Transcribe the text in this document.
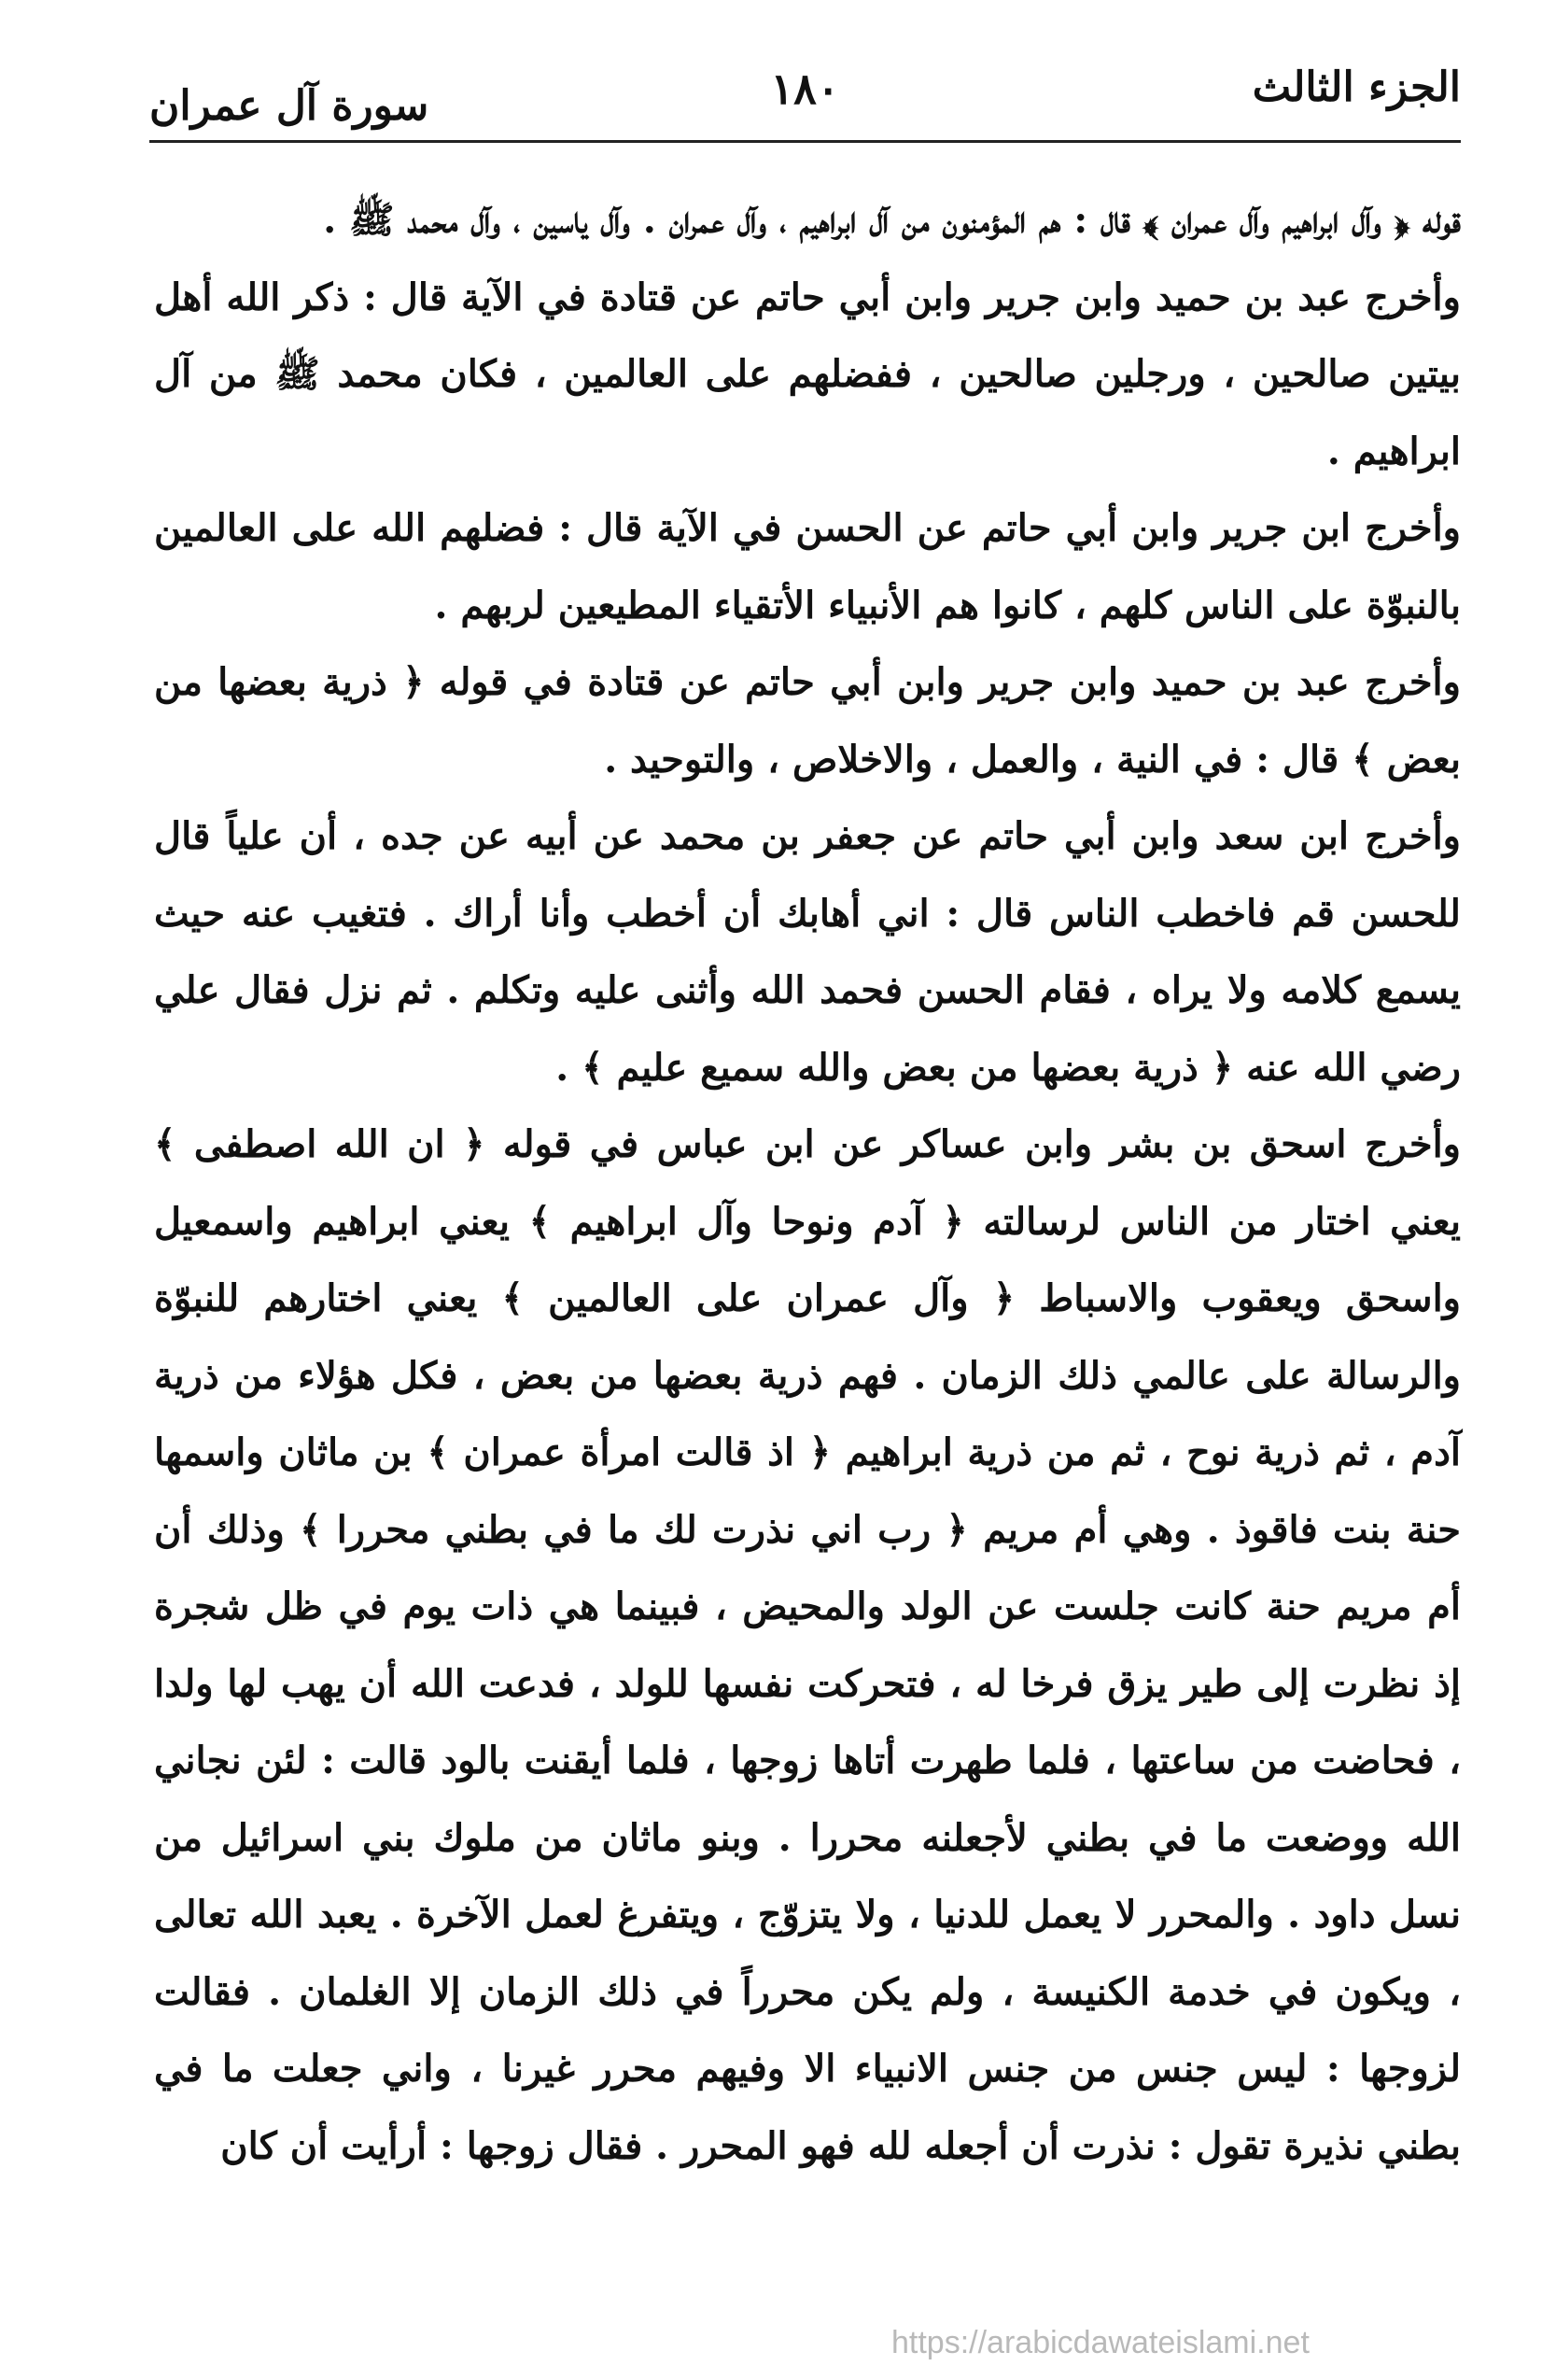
الجزء الثالث
١٨٠
سورة آل عمران

قوله ﴿ وآل ابراهيم وآل عمران ﴾ قال : هم المؤمنون من آل ابراهيم ، وآل عمران . وآل ياسين ، وآل محمد ﷺ .

وأخرج عبد بن حميد وابن جرير وابن أبي حاتم عن قتادة في الآية قال : ذكر الله أهل بيتين صالحين ، ورجلين صالحين ، ففضلهم على العالمين ، فكان محمد ﷺ من آل ابراهيم .

وأخرج ابن جرير وابن أبي حاتم عن الحسن في الآية قال : فضلهم الله على العالمين بالنبوّة على الناس كلهم ، كانوا هم الأنبياء الأتقياء المطيعين لربهم .

وأخرج عبد بن حميد وابن جرير وابن أبي حاتم عن قتادة في قوله ﴿ ذرية بعضها من بعض ﴾ قال : في النية ، والعمل ، والاخلاص ، والتوحيد .

وأخرج ابن سعد وابن أبي حاتم عن جعفر بن محمد عن أبيه عن جده ، أن علياً قال للحسن قم فاخطب الناس قال : اني أهابك أن أخطب وأنا أراك . فتغيب عنه حيث يسمع كلامه ولا يراه ، فقام الحسن فحمد الله وأثنى عليه وتكلم . ثم نزل فقال علي رضي الله عنه ﴿ ذرية بعضها من بعض والله سميع عليم ﴾ .

وأخرج اسحق بن بشر وابن عساكر عن ابن عباس في قوله ﴿ ان الله اصطفى ﴾ يعني اختار من الناس لرسالته ﴿ آدم ونوحا وآل ابراهيم ﴾ يعني ابراهيم واسمعيل واسحق ويعقوب والاسباط ﴿ وآل عمران على العالمين ﴾ يعني اختارهم للنبوّة والرسالة على عالمي ذلك الزمان . فهم ذرية بعضها من بعض ، فكل هؤلاء من ذرية آدم ، ثم ذرية نوح ، ثم من ذرية ابراهيم ﴿ اذ قالت امرأة عمران ﴾ بن ماثان واسمها حنة بنت فاقوذ . وهي أم مريم ﴿ رب اني نذرت لك ما في بطني محررا ﴾ وذلك أن أم مريم حنة كانت جلست عن الولد والمحيض ، فبينما هي ذات يوم في ظل شجرة إذ نظرت إلى طير يزق فرخا له ، فتحركت نفسها للولد ، فدعت الله أن يهب لها ولدا ، فحاضت من ساعتها ، فلما طهرت أتاها زوجها ، فلما أيقنت بالود قالت : لئن نجاني الله ووضعت ما في بطني لأجعلنه محررا . وبنو ماثان من ملوك بني اسرائيل من نسل داود . والمحرر لا يعمل للدنيا ، ولا يتزوّج ، ويتفرغ لعمل الآخرة . يعبد الله تعالى ، ويكون في خدمة الكنيسة ، ولم يكن محرراً في ذلك الزمان إلا الغلمان . فقالت لزوجها : ليس جنس من جنس الانبياء الا وفيهم محرر غيرنا ، واني جعلت ما في بطني نذيرة تقول : نذرت أن أجعله لله فهو المحرر . فقال زوجها : أرأيت أن كان

https://arabicdawateislami.net
